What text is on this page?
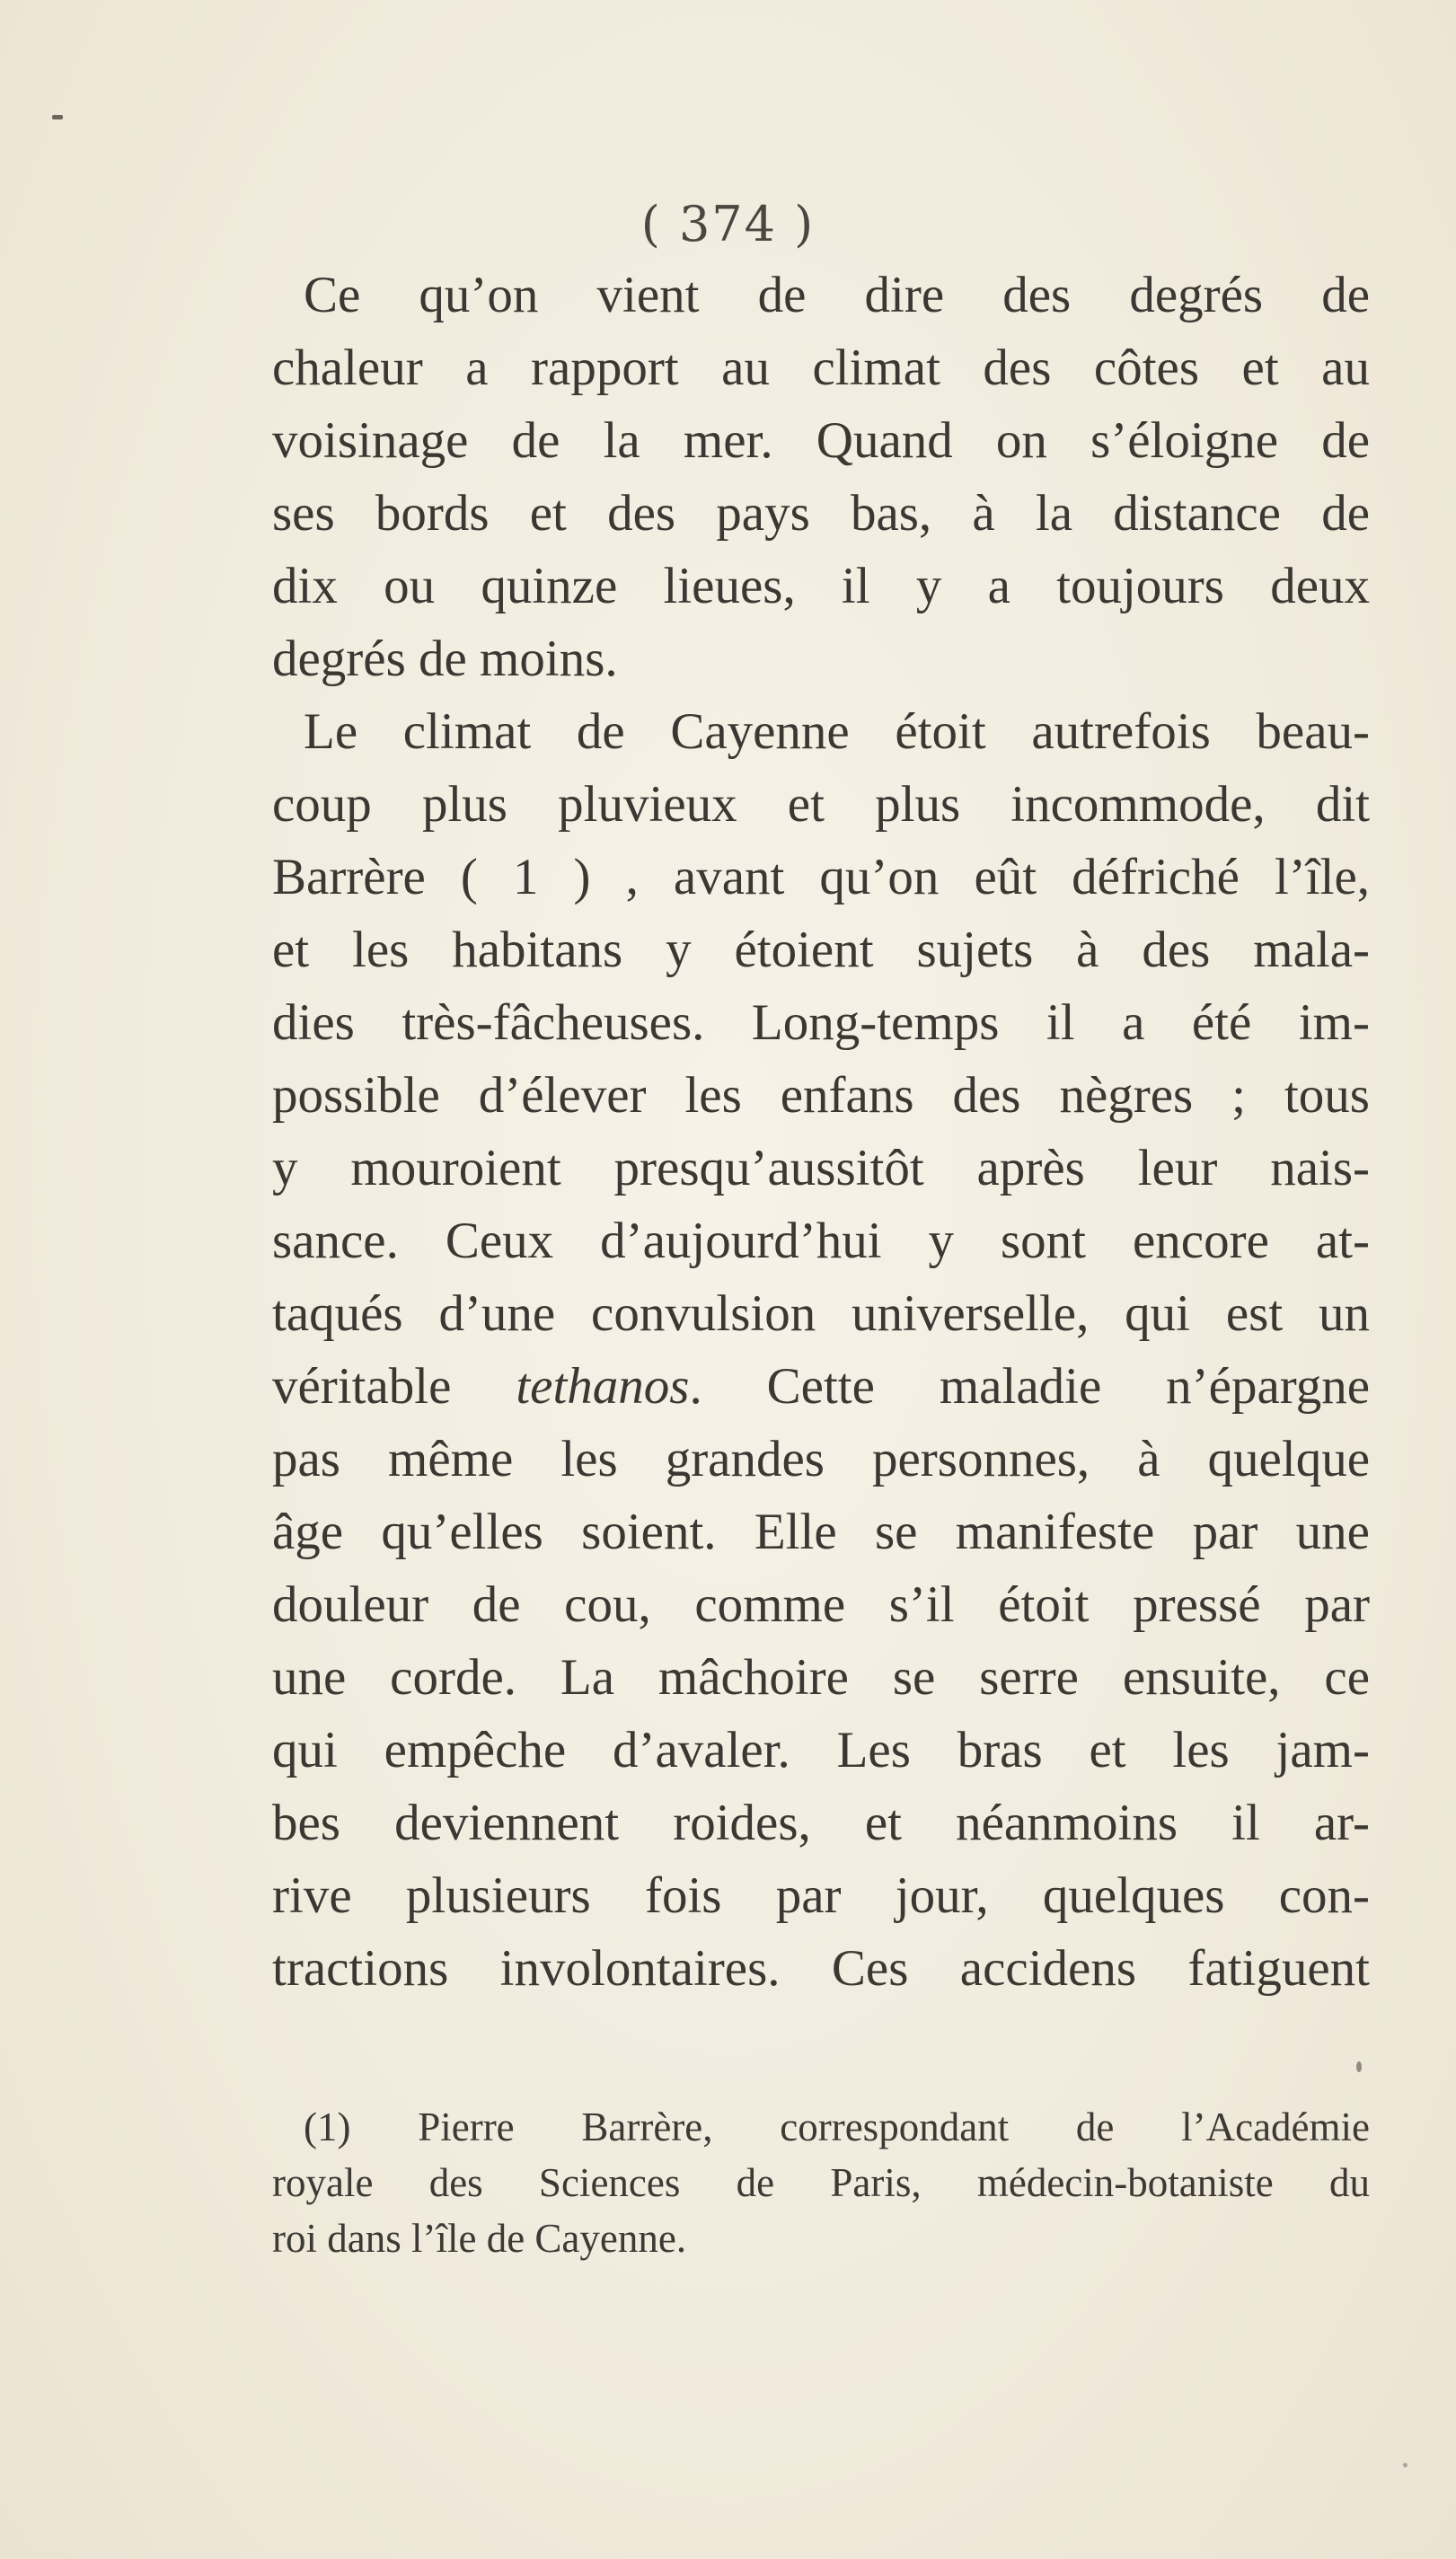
( 374 )
Ce qu’on vient de dire des degrés de
chaleur a rapport au climat des côtes et au
voisinage de la mer. Quand on s’éloigne de
ses bords et des pays bas, à la distance de
dix ou quinze lieues, il y a toujours deux
degrés de moins.
Le climat de Cayenne étoit autrefois beau-
coup plus pluvieux et plus incommode, dit
Barrère ( 1 ) , avant qu’on eût défriché l’île,
et les habitans y étoient sujets à des mala-
dies très-fâcheuses. Long-temps il a été im-
possible d’élever les enfans des nègres ; tous
y mouroient presqu’aussitôt après leur nais-
sance. Ceux d’aujourd’hui y sont encore at-
taqués d’une convulsion universelle, qui est un
véritable tethanos. Cette maladie n’épargne
pas même les grandes personnes, à quelque
âge qu’elles soient. Elle se manifeste par une
douleur de cou, comme s’il étoit pressé par
une corde. La mâchoire se serre ensuite, ce
qui empêche d’avaler. Les bras et les jam-
bes deviennent roides, et néanmoins il ar-
rive plusieurs fois par jour, quelques con-
tractions involontaires. Ces accidens fatiguent
(1) Pierre Barrère, correspondant de l’Académie
royale des Sciences de Paris, médecin-botaniste du
roi dans l’île de Cayenne.
